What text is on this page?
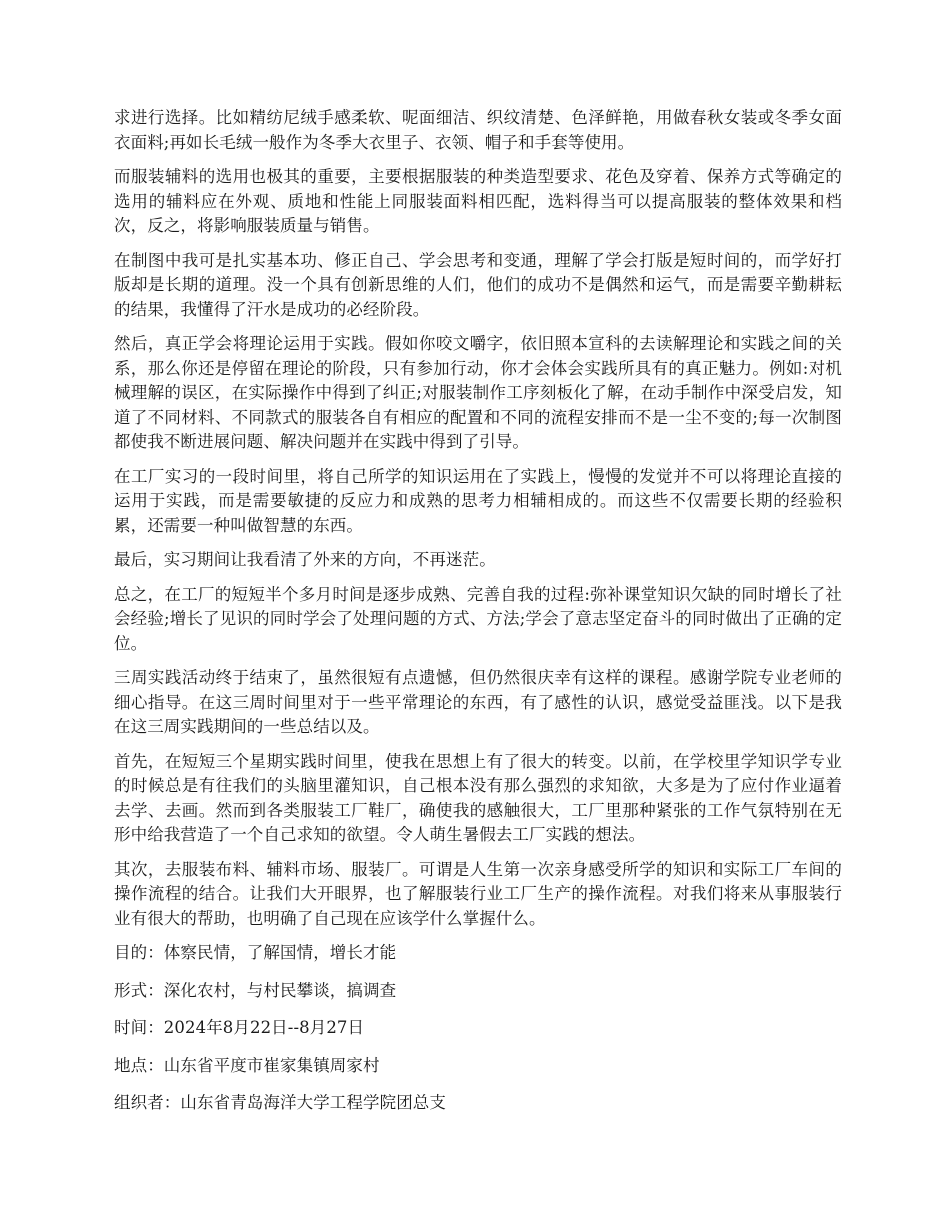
求进行选择。比如精纺尼绒手感柔软、呢面细洁、织纹清楚、色泽鲜艳，用做春秋女装或冬季女面衣面料;再如长毛绒一般作为冬季大衣里子、衣领、帽子和手套等使用。

而服装辅料的选用也极其的重要，主要根据服装的种类造型要求、花色及穿着、保养方式等确定的选用的辅料应在外观、质地和性能上同服装面料相匹配，选料得当可以提高服装的整体效果和档次，反之，将影响服装质量与销售。

在制图中我可是扎实基本功、修正自己、学会思考和变通，理解了学会打版是短时间的，而学好打版却是长期的道理。没一个具有创新思维的人们，他们的成功不是偶然和运气，而是需要辛勤耕耘的结果，我懂得了汗水是成功的必经阶段。

然后，真正学会将理论运用于实践。假如你咬文嚼字，依旧照本宣科的去读解理论和实践之间的关系，那么你还是停留在理论的阶段，只有参加行动，你才会体会实践所具有的真正魅力。例如:对机械理解的误区，在实际操作中得到了纠正;对服装制作工序刻板化了解，在动手制作中深受启发，知道了不同材料、不同款式的服装各自有相应的配置和不同的流程安排而不是一尘不变的;每一次制图都使我不断进展问题、解决问题并在实践中得到了引导。

在工厂实习的一段时间里，将自己所学的知识运用在了实践上，慢慢的发觉并不可以将理论直接的运用于实践，而是需要敏捷的反应力和成熟的思考力相辅相成的。而这些不仅需要长期的经验积累，还需要一种叫做智慧的东西。

最后，实习期间让我看清了外来的方向，不再迷茫。

总之，在工厂的短短半个多月时间是逐步成熟、完善自我的过程:弥补课堂知识欠缺的同时增长了社会经验;增长了见识的同时学会了处理问题的方式、方法;学会了意志坚定奋斗的同时做出了正确的定位。

三周实践活动终于结束了，虽然很短有点遗憾，但仍然很庆幸有这样的课程。感谢学院专业老师的细心指导。在这三周时间里对于一些平常理论的东西，有了感性的认识，感觉受益匪浅。以下是我在这三周实践期间的一些总结以及。

首先，在短短三个星期实践时间里，使我在思想上有了很大的转变。以前，在学校里学知识学专业的时候总是有往我们的头脑里灌知识，自己根本没有那么强烈的求知欲，大多是为了应付作业逼着去学、去画。然而到各类服装工厂鞋厂，确使我的感触很大，工厂里那种紧张的工作气氛特别在无形中给我营造了一个自己求知的欲望。令人萌生暑假去工厂实践的想法。

其次，去服装布料、辅料市场、服装厂。可谓是人生第一次亲身感受所学的知识和实际工厂车间的操作流程的结合。让我们大开眼界，也了解服装行业工厂生产的操作流程。对我们将来从事服装行业有很大的帮助，也明确了自己现在应该学什么掌握什么。

目的：体察民情，了解国情，增长才能

形式：深化农村，与村民攀谈，搞调查

时间：2024年8月22日--8月27日

地点：山东省平度市崔家集镇周家村

组织者：山东省青岛海洋大学工程学院团总支
